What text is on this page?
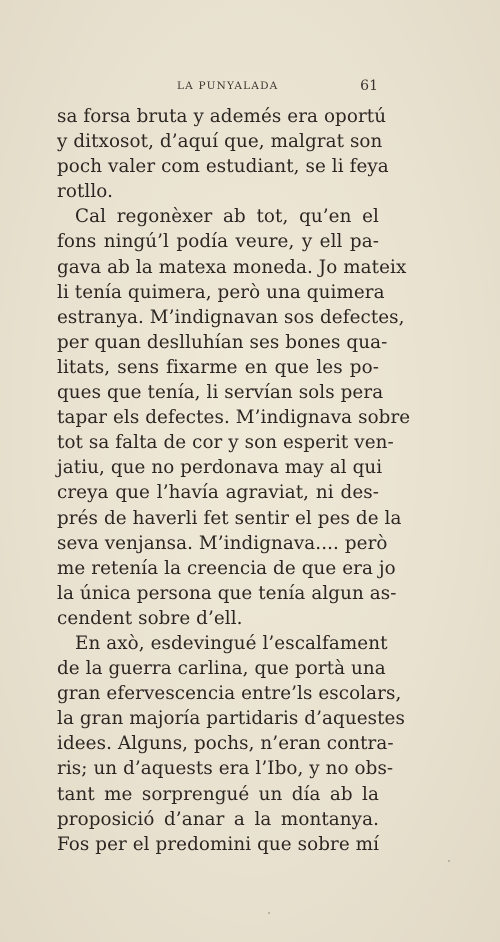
LA PUNYALADA	61
sa forsa bruta y ademés era oportú
y ditxosot, d’aquí que, malgrat son
poch valer com estudiant, se li feya
rotllo.
Cal regonèxer ab tot, qu’en el
fons ningú’l podía veure, y ell pa-
gava ab la matexa moneda. Jo mateix
li tenía quimera, però una quimera
estranya. M’indignavan sos defectes,
per quan deslluhían ses bones qua-
litats, sens fixarme en que les po-
ques que tenía, li servían sols pera
tapar els defectes. M’indignava sobre
tot sa falta de cor y son esperit ven-
jatiu, que no perdonava may al qui
creya que l’havía agraviat, ni des-
prés de haverli fet sentir el pes de la
seva venjansa. M’indignava.... però
me retenía la creencia de que era jo
la única persona que tenía algun as-
cendent sobre d’ell.
En axò, esdevingué l’escalfament
de la guerra carlina, que portà una
gran efervescencia entre’ls escolars,
la gran majoría partidaris d’aquestes
idees. Alguns, pochs, n’eran contra-
ris; un d’aquests era l’Ibo, y no obs-
tant me sorprengué un día ab la
proposició d’anar a la montanya.
Fos per el predomini que sobre mí
